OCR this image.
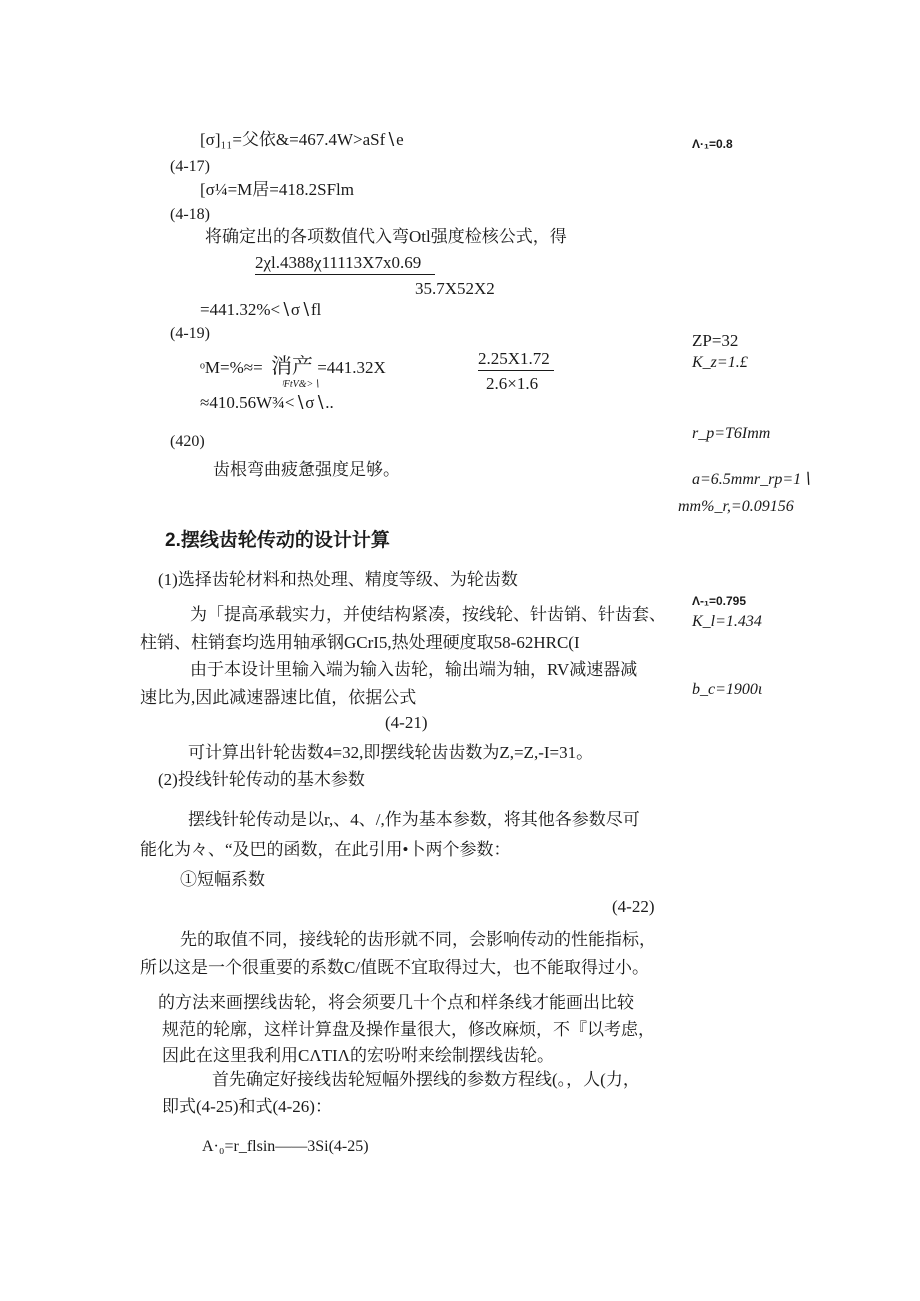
[σ]₁₁=父依&=467.4W>aSf∖e
(4-17)
[σ¼=M居=418.2SFlm
(4-18)
将确定出的各项数值代入弯Otl强度检核公式，得
2χl.4388χ11113X7x0.69
35.7X52X2
=441.32%<∖σ∖fl
(4-19)
ᵒM=%≈= 消产 =441.32X
ᶠFtV&>∖
2.25X1.72
2.6×1.6
≈410.56W¾<∖σ∖..
(420)
齿根弯曲疲惫强度足够。
2.摆线齿轮传动的设计计算
(1)选择齿轮材料和热处理、精度等级、为轮齿数
为「提高承载实力，并使结构紧凑，按线轮、针齿销、针齿套、
柱销、柱销套均选用轴承钢GCrI5,热处理硬度取58-62HRC(I
由于本设计里输入端为输入齿轮，输出端为轴，RV减速器减
速比为,因此减速器速比值，依据公式
(4-21)
可计算出针轮齿数4=32,即摆线轮齿齿数为Z,=Z,-I=31。
(2)投线针轮传动的基木参数
摆线针轮传动是以r,、4、/,作为基本参数，将其他各参数尽可
能化为々、“及巴的函数，在此引用•卜两个参数：
①短幅系数
(4-22)
先的取值不同，接线轮的齿形就不同，会影响传动的性能指标，
所以这是一个很重要的系数C/值既不宜取得过大，也不能取得过小。
的方法来画摆线齿轮，将会须要几十个点和样条线才能画出比较
规范的轮廓，这样计算盘及操作量很大，修改麻烦，不『以考虑，
因此在这里我利用CΛTIΛ的宏吩咐来绘制摆线齿轮。
首先确定好接线齿轮短幅外摆线的参数方程线(。，人(力，
即式(4-25)和式(4-26)：
A·₀=r_flsin——3Si(4-25)
Λ·₁=0.8
ZP=32
K_z=1.£
r_p=T6Imm
a=6.5mmr_rp=1∖
mm%_r,=0.09156
Λ-₁=0.795
K_l=1.434
b_c=1900ι
